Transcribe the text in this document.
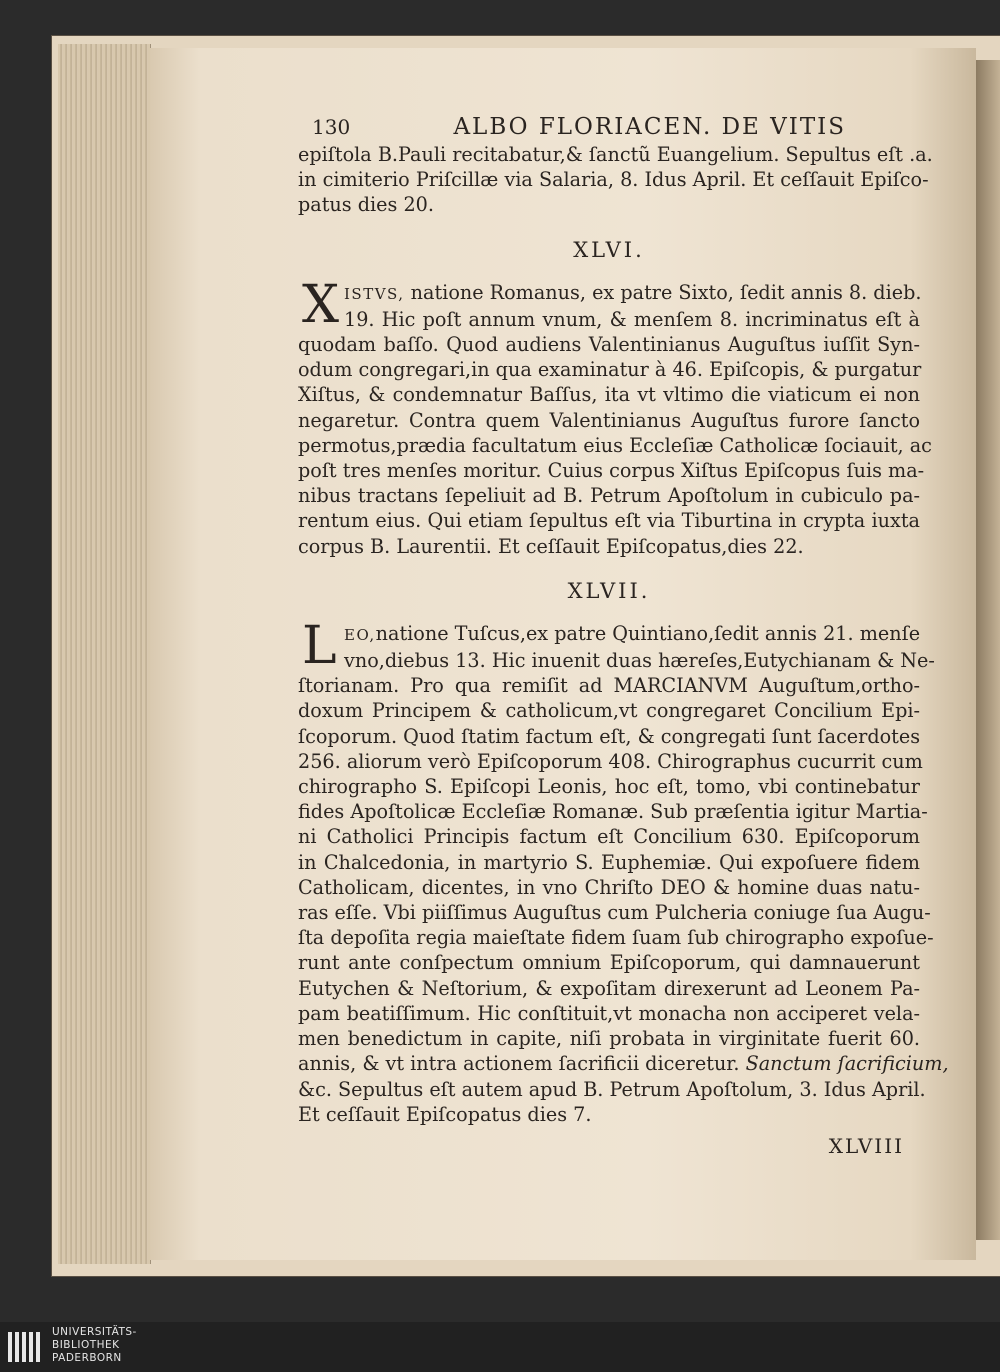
130	ALBO FLORIACEN. DE VITIS

epiſtola B.Pauli recitabatur,& ſanctũ Euangelium. Sepultus eſt .a.
in cimiterio Priſcillæ via Salaria, 8. Idus April. Et ceſſauit Epiſco-
patus dies 20.

XLVI.
X ISTVS, natione Romanus, ex patre Sixto, ſedit annis 8. dieb.
19. Hic poſt annum vnum, & menſem 8. incriminatus eſt à
quodam baſſo. Quod audiens Valentinianus Auguſtus iuſſit Syn-
odum congregari,in qua examinatur à 46. Epiſcopis, & purgatur
Xiſtus, & condemnatur Baſſus, ita vt vltimo die viaticum ei non
negaretur. Contra quem Valentinianus Auguſtus furore ſancto
permotus,prædia facultatum eius Eccleſiæ Catholicæ ſociauit, ac
poſt tres menſes moritur. Cuius corpus Xiſtus Epiſcopus ſuis ma-
nibus tractans ſepeliuit ad B. Petrum Apoſtolum in cubiculo pa-
rentum eius. Qui etiam ſepultus eſt via Tiburtina in crypta iuxta
corpus B. Laurentii. Et ceſſauit Epiſcopatus,dies 22.
XLVII.
L EO,natione Tuſcus,ex patre Quintiano,ſedit annis 21. menſe
vno,diebus 13. Hic inuenit duas hæreſes,Eutychianam & Ne-
ſtorianam. Pro qua remiſit ad MARCIANVM Auguſtum,ortho-
doxum Principem & catholicum,vt congregaret Concilium Epi-
ſcoporum. Quod ſtatim factum eſt, & congregati ſunt ſacerdotes
256. aliorum verò Epiſcoporum 408. Chirographus cucurrit cum
chirographo S. Epiſcopi Leonis, hoc eſt, tomo, vbi continebatur
fides Apoſtolicæ Eccleſiæ Romanæ. Sub præſentia igitur Martia-
ni Catholici Principis factum eſt Concilium 630. Epiſcoporum
in Chalcedonia, in martyrio S. Euphemiæ. Qui expoſuere fidem
Catholicam, dicentes, in vno Chriſto DEO & homine duas natu-
ras eſſe. Vbi piiſſimus Auguſtus cum Pulcheria coniuge ſua Augu-
ſta depoſita regia maieſtate fidem ſuam ſub chirographo expoſue-
runt ante conſpectum omnium Epiſcoporum, qui damnauerunt
Eutychen & Neſtorium, & expoſitam direxerunt ad Leonem Pa-
pam beatiſſimum. Hic conſtituit,vt monacha non acciperet vela-
men benedictum in capite, niſi probata in virginitate fuerit 60.
annis, & vt intra actionem ſacrificii diceretur. Sanctum ſacrificium,
&c. Sepultus eſt autem apud B. Petrum Apoſtolum, 3. Idus April.
Et ceſſauit Epiſcopatus dies 7.
XLVIII
UNIVERSITÄTS-
BIBLIOTHEK
PADERBORN
